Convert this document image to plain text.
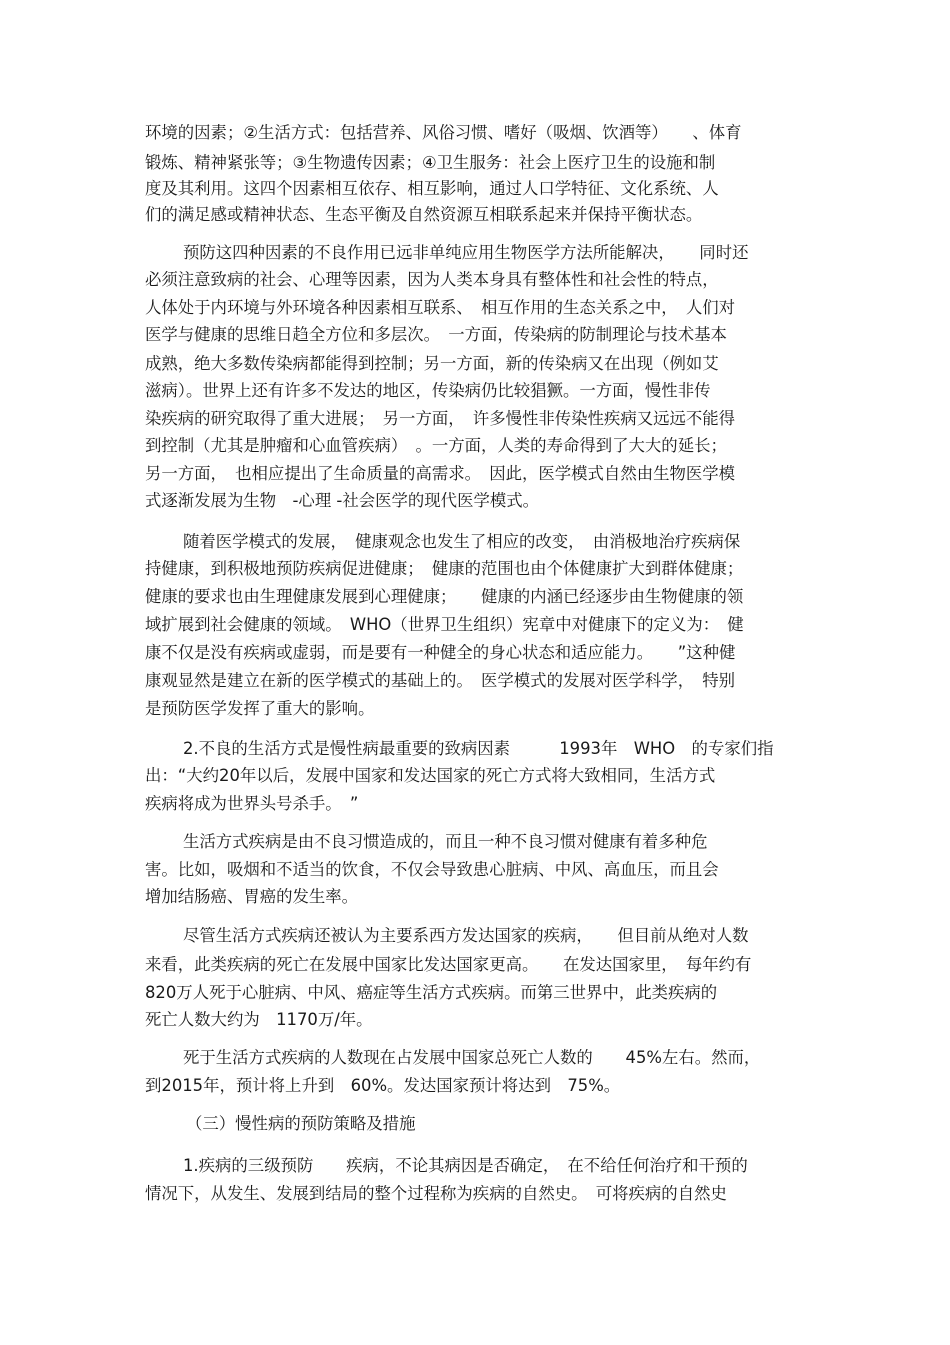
环境的因素；②生活方式：包括营养、风俗习惯、嗜好（吸烟、饮酒等）　　、体育
锻炼、精神紧张等；③生物遗传因素；④卫生服务：社会上医疗卫生的设施和制
度及其利用。这四个因素相互依存、相互影响，通过人口学特征、文化系统、人
们的满足感或精神状态、生态平衡及自然资源互相联系起来并保持平衡状态。
预防这四种因素的不良作用已远非单纯应用生物医学方法所能解决，　　同时还
必须注意致病的社会、心理等因素，因为人类本身具有整体性和社会性的特点，
人体处于内环境与外环境各种因素相互联系、　相互作用的生态关系之中，　人们对
医学与健康的思维日趋全方位和多层次。　一方面，传染病的防制理论与技术基本
成熟，绝大多数传染病都能得到控制；另一方面，新的传染病又在出现（例如艾
滋病）。世界上还有许多不发达的地区，传染病仍比较猖獗。一方面，慢性非传
染疾病的研究取得了重大进展；　另一方面，　许多慢性非传染性疾病又远远不能得
到控制（尤其是肿瘤和心血管疾病）　。一方面，人类的寿命得到了大大的延长；
另一方面，　也相应提出了生命质量的高需求。　因此，医学模式自然由生物医学模
式逐渐发展为生物　-心理 -社会医学的现代医学模式。
随着医学模式的发展，　健康观念也发生了相应的改变，　由消极地治疗疾病保
持健康，到积极地预防疾病促进健康；　健康的范围也由个体健康扩大到群体健康；
健康的要求也由生理健康发展到心理健康；　　健康的内涵已经逐步由生物健康的领
域扩展到社会健康的领域。　WHO（世界卫生组织）宪章中对健康下的定义为：　健
康不仅是没有疾病或虚弱，而是要有一种健全的身心状态和适应能力。　　”这种健
康观显然是建立在新的医学模式的基础上的。　医学模式的发展对医学科学，　特别
是预防医学发挥了重大的影响。
2.不良的生活方式是慢性病最重要的致病因素　　　1993年　WHO　的专家们指
出：“大约20年以后，发展中国家和发达国家的死亡方式将大致相同，生活方式
疾病将成为世界头号杀手。　”
生活方式疾病是由不良习惯造成的，而且一种不良习惯对健康有着多种危
害。比如，吸烟和不适当的饮食，不仅会导致患心脏病、中风、高血压，而且会
增加结肠癌、胃癌的发生率。
尽管生活方式疾病还被认为主要系西方发达国家的疾病，　　但目前从绝对人数
来看，此类疾病的死亡在发展中国家比发达国家更高。　　在发达国家里，　每年约有
820万人死于心脏病、中风、癌症等生活方式疾病。而第三世界中，此类疾病的
死亡人数大约为　1170万/年。
死于生活方式疾病的人数现在占发展中国家总死亡人数的　　45%左右。然而，
到2015年，预计将上升到　60%。发达国家预计将达到　75%。
（三）慢性病的预防策略及措施
1.疾病的三级预防　　疾病，不论其病因是否确定，　在不给任何治疗和干预的
情况下，从发生、发展到结局的整个过程称为疾病的自然史。　可将疾病的自然史
